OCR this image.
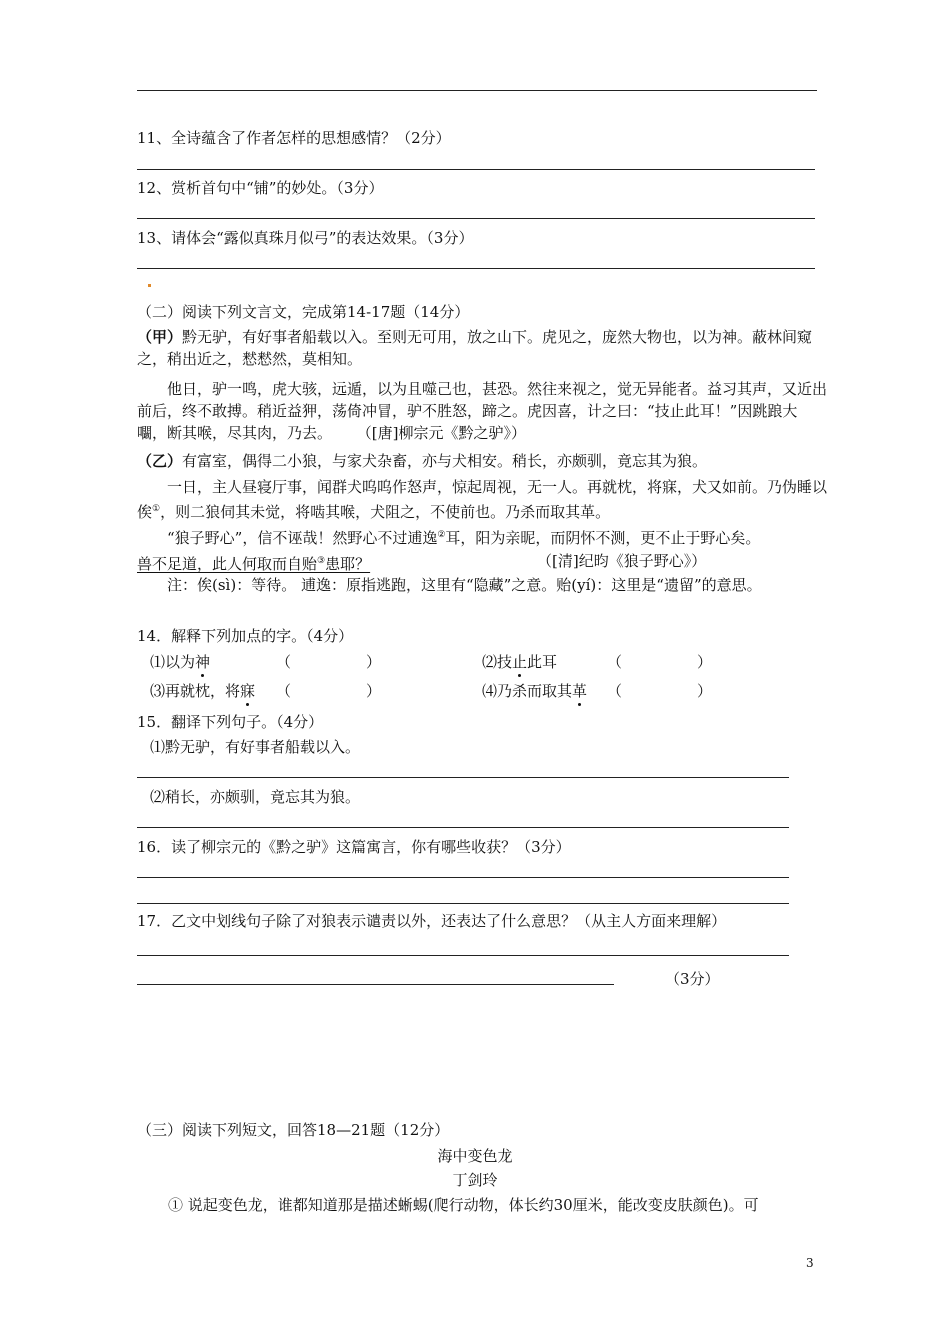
11、全诗蕴含了作者怎样的思想感情？（2分）
12、赏析首句中“铺”的妙处。（3分）
13、请体会“露似真珠月似弓”的表达效果。（3分）
（二）阅读下列文言文，完成第14-17题（14分）
（甲）黔无驴，有好事者船载以入。至则无可用，放之山下。虎见之，庞然大物也，以为神。蔽林间窥之，稍出近之，慭慭然，莫相知。
他日，驴一鸣，虎大骇，远遁，以为且噬己也，甚恐。然往来视之，觉无异能者。益习其声，又近出前后，终不敢搏。稍近益狎，荡倚冲冒，驴不胜怒，蹄之。虎因喜，计之曰：“技止此耳！”因跳踉大㘚，断其喉，尽其肉，乃去。 （[唐]柳宗元《黔之驴》）
（乙）有富室，偶得二小狼，与家犬杂畜，亦与犬相安。稍长，亦颇驯，竟忘其为狼。
一日，主人昼寝厅事，闻群犬呜呜作怒声，惊起周视，无一人。再就枕，将寐，犬又如前。乃伪睡以俟①，则二狼伺其未觉，将啮其喉，犬阻之，不使前也。乃杀而取其革。
“狼子野心”，信不诬哉！然野心不过逋逸②耳，阳为亲昵，而阴怀不测，更不止于野心矣。
兽不足道，此人何取而自贻③患耶？	（[清]纪昀《狼子野心》）
注：俟(sì)：等待。 逋逸：原指逃跑，这里有“隐藏”之意。贻(yí)：这里是“遗留”的意思。
14．解释下列加点的字。（4分）
⑴以为神	（　　　　　）	⑵技止此耳	（　　　　　）
⑶再就枕，将寐 （　　　　　）	⑷乃杀而取其革 （　　　　　）
15．翻译下列句子。（4分）
⑴黔无驴，有好事者船载以入。
⑵稍长，亦颇驯，竟忘其为狼。
16．读了柳宗元的《黔之驴》这篇寓言，你有哪些收获？（3分）
17．乙文中划线句子除了对狼表示谴责以外，还表达了什么意思？（从主人方面来理解）
（3分）
（三）阅读下列短文，回答18—21题（12分）
海中变色龙
丁剑玲
① 说起变色龙，谁都知道那是描述蜥蜴(爬行动物，体长约30厘米，能改变皮肤颜色)。可
3
